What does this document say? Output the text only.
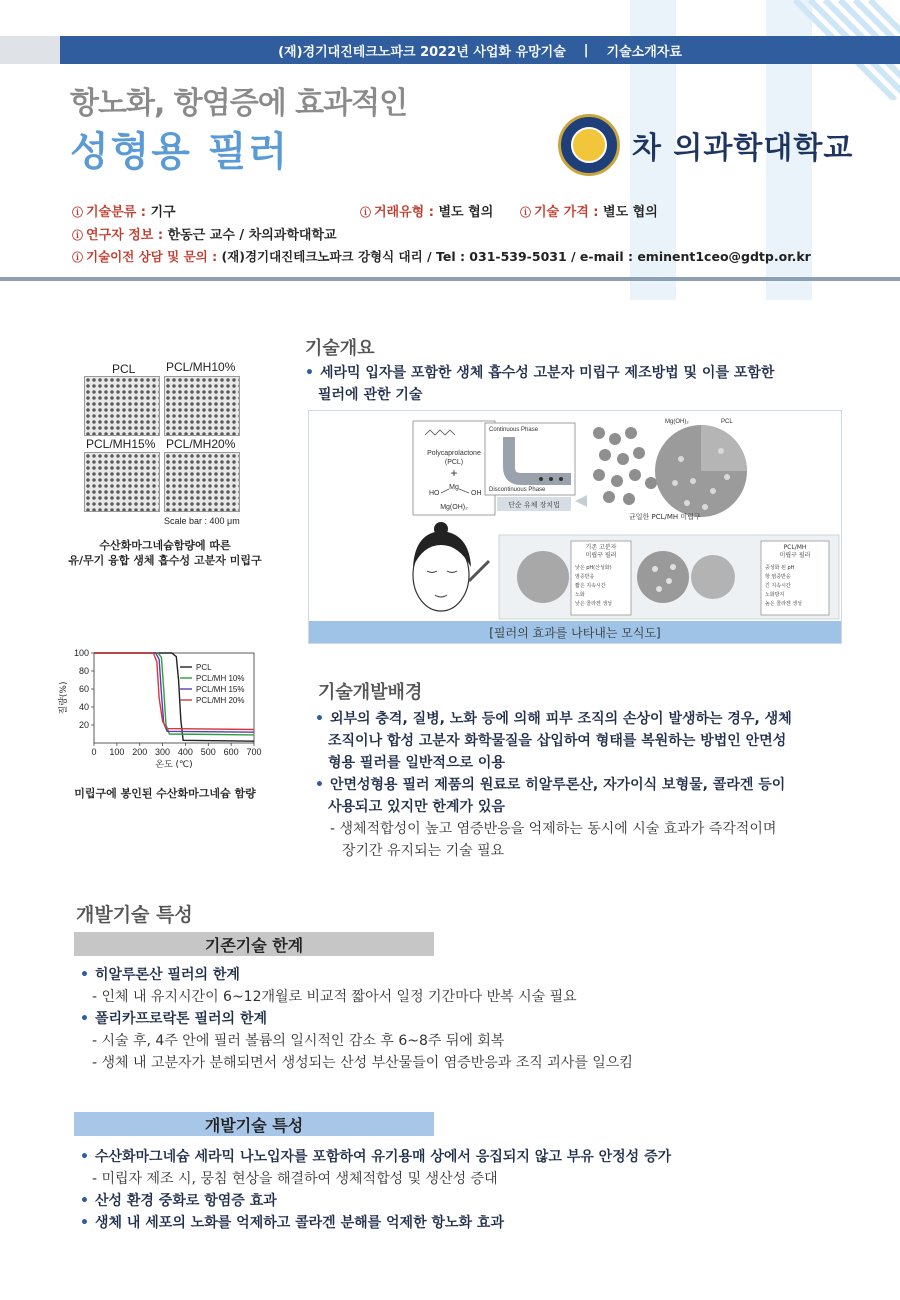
(재)경기대진테크노파크 2022년 사업화 유망기술 | 기술소개자료
항노화, 항염증에 효과적인
성형용 필러	차 의과학대학교
ⓘ 기술분류 : 기구	ⓘ 거래유형 : 별도 협의 ⓘ 기술 가격 : 별도 협의
ⓘ 연구자 정보 : 한동근 교수 / 차의과학대학교
ⓘ 기술이전 상담 및 문의 : (재)경기대진테크노파크 강형식 대리 / Tel : 031-539-5031 / e-mail : eminent1ceo@gdtp.or.kr
PCL	PCL/MH10%
PCL/MH15% PCL/MH20%
Scale bar : 400 μm
수산화마그네슘함량에 따른
유/무기 융합 생체 흡수성 고분자 미립구
0 100 200 300 400 500 600 700
20
40
60
80
100
온도 (℃)
질량(%)
PCL
PCL/MH 10%
PCL/MH 15%
PCL/MH 20%
미립구에 봉인된 수산화마그네슘 함량
기술개요
• 세라믹 입자를 포함한 생체 흡수성 고분자 미립구 제조방법 및 이를 포함한
필러에 관한 기술
Polycaprolactone
(PCL)
+
Mg
HO	OH
Mg(OH)₂
Continuous Phase
Discontinuous Phase
단순 유체 장치법
Mg(OH)₂	PCL
균일한 PCL/MH 미립구
기존 고분자
미립구 필러
낮은 pH(산성화)
염증반응
짧은 지속시간
노화
낮은 콜라겐 생성
PCL/MH
미립구 필러
중성화 된 pH
항 염증반응
긴 지속시간
노화방지
높은 콜라겐 생성
[필러의 효과를 나타내는 모식도]
기술개발배경
• 외부의 충격, 질병, 노화 등에 의해 피부 조직의 손상이 발생하는 경우, 생체
조직이나 합성 고분자 화학물질을 삽입하여 형태를 복원하는 방법인 안면성
형용 필러를 일반적으로 이용
• 안면성형용 필러 제품의 원료로 히알루론산, 자가이식 보형물, 콜라겐 등이
사용되고 있지만 한계가 있음
- 생체적합성이 높고 염증반응을 억제하는 동시에 시술 효과가 즉각적이며
장기간 유지되는 기술 필요
개발기술 특성
기존기술 한계
• 히알루론산 필러의 한계
- 인체 내 유지시간이 6~12개월로 비교적 짧아서 일정 기간마다 반복 시술 필요
• 폴리카프로락톤 필러의 한계
- 시술 후, 4주 안에 필러 볼륨의 일시적인 감소 후 6~8주 뒤에 회복
- 생체 내 고분자가 분해되면서 생성되는 산성 부산물들이 염증반응과 조직 괴사를 일으킴
개발기술 특성
• 수산화마그네슘 세라믹 나노입자를 포함하여 유기용매 상에서 응집되지 않고 부유 안정성 증가
- 미립자 제조 시, 뭉침 현상을 해결하여 생체적합성 및 생산성 증대
• 산성 환경 중화로 항염증 효과
• 생체 내 세포의 노화를 억제하고 콜라겐 분해를 억제한 항노화 효과
